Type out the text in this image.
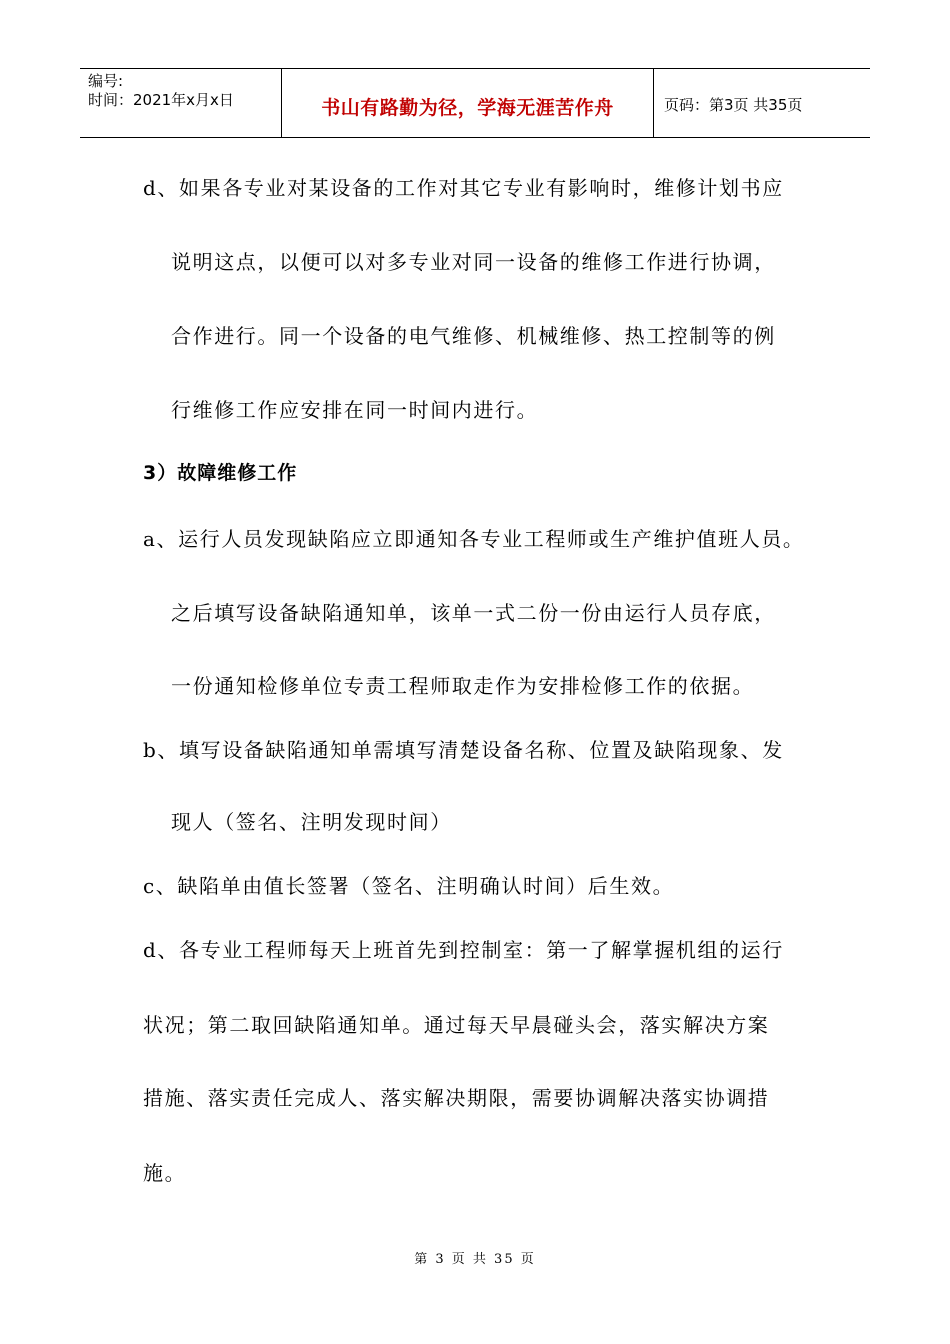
编号:
时间：2021年x月x日	书山有路勤为径，学海无涯苦作舟	页码：第3页 共35页
d、如果各专业对某设备的工作对其它专业有影响时，维修计划书应
说明这点，以便可以对多专业对同一设备的维修工作进行协调，
合作进行。同一个设备的电气维修、机械维修、热工控制等的例
行维修工作应安排在同一时间内进行。
3）故障维修工作
a、运行人员发现缺陷应立即通知各专业工程师或生产维护值班人员。
之后填写设备缺陷通知单，该单一式二份一份由运行人员存底，
一份通知检修单位专责工程师取走作为安排检修工作的依据。
b、填写设备缺陷通知单需填写清楚设备名称、位置及缺陷现象、发
现人（签名、注明发现时间）
c、缺陷单由值长签署（签名、注明确认时间）后生效。
d、各专业工程师每天上班首先到控制室：第一了解掌握机组的运行
状况；第二取回缺陷通知单。通过每天早晨碰头会，落实解决方案
措施、落实责任完成人、落实解决期限，需要协调解决落实协调措
施。
第 3 页 共 35 页
